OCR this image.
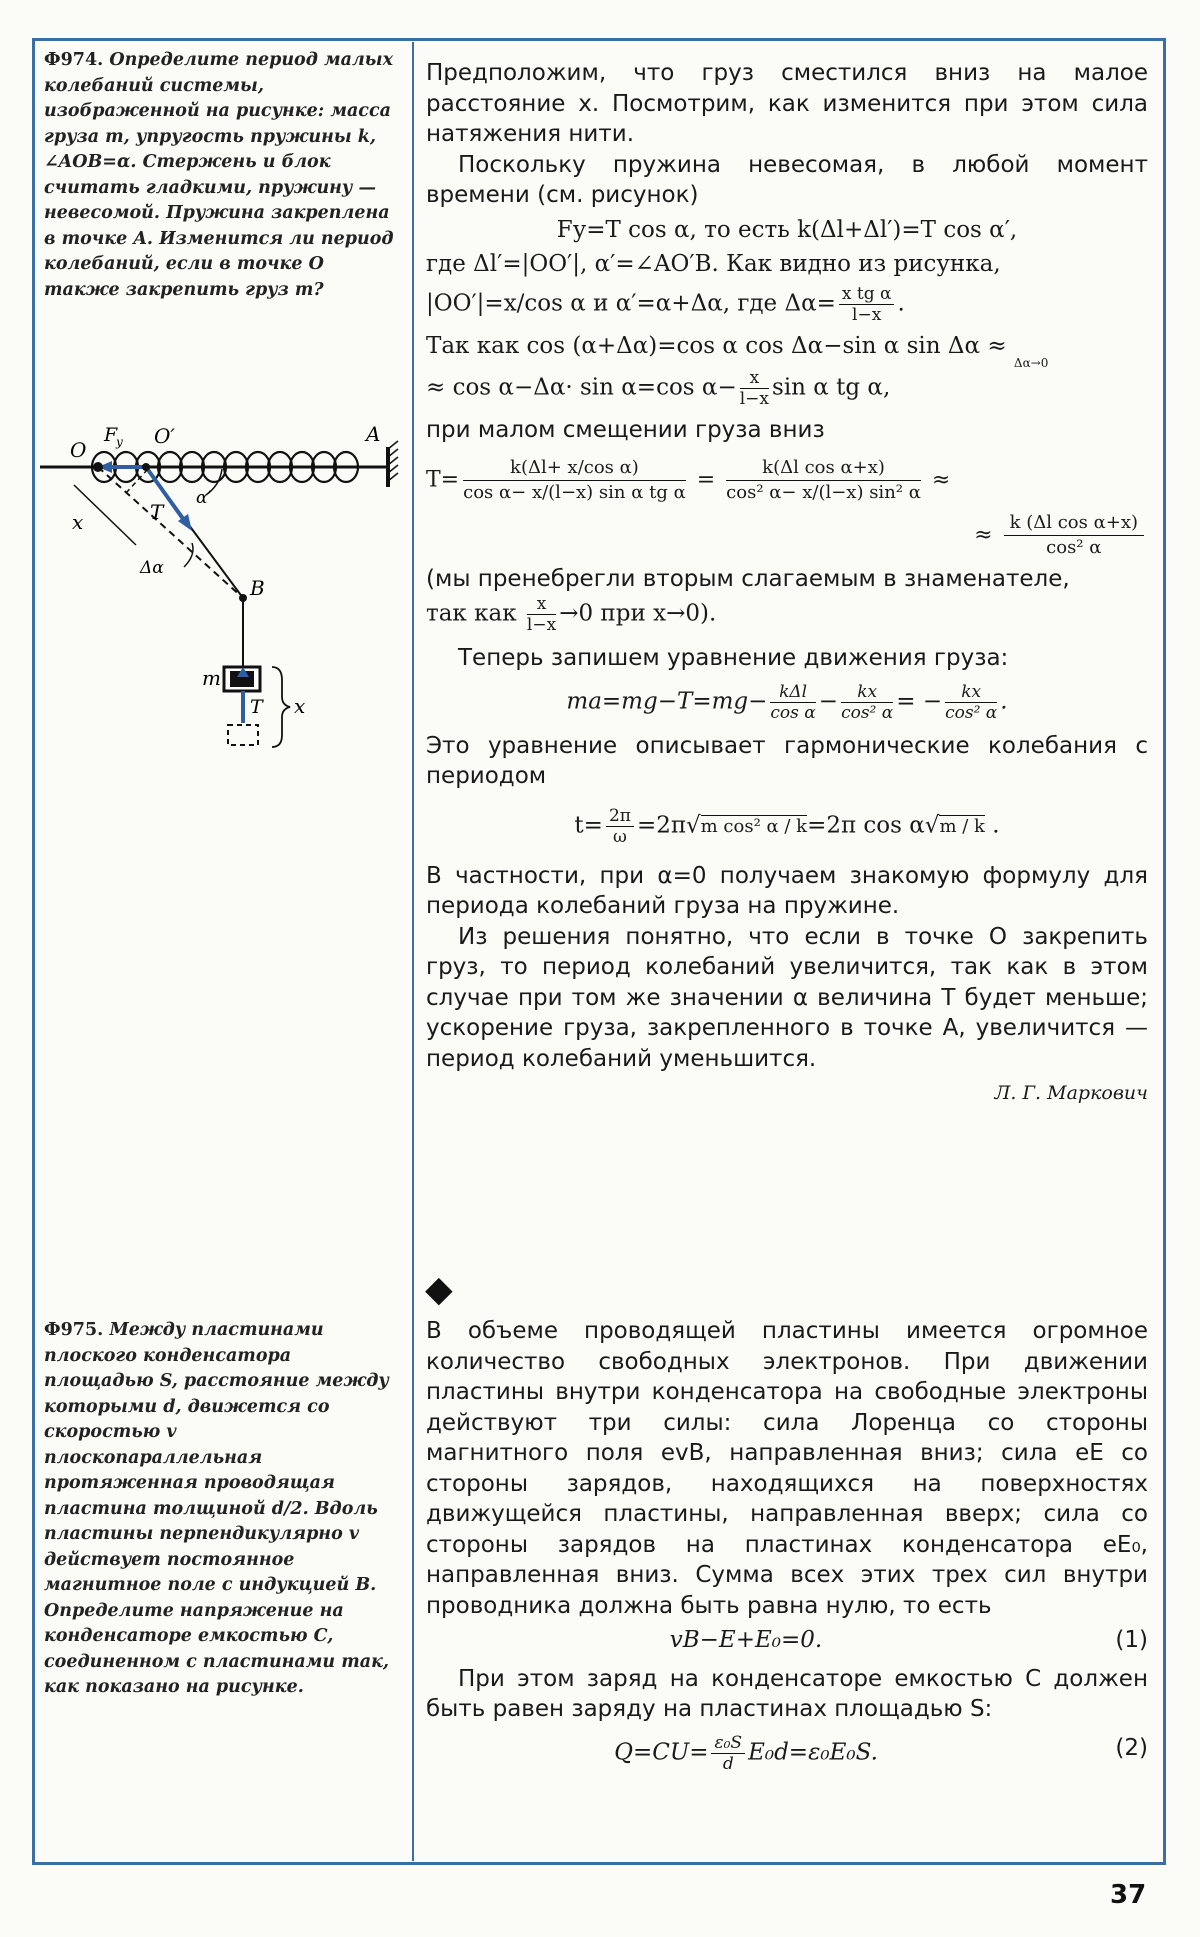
Ф974. Определите период малых колебаний системы, изображенной на рисунке: масса груза m, упругость пружины k, ∠AOB=α. Стержень и блок считать гладкими, пружину — невесомой. Пружина закреплена в точке A. Изменится ли период колебаний, если в точке O также закрепить груз m?
O
F
у O′	A
α′
T
x
Δα
B
m
T x
Ф975. Между пластинами плоского конденсатора площадью S, расстояние между которыми d, движется со скоростью v плоскопараллельная протяженная проводящая пластина толщиной d/2. Вдоль пластины перпендикулярно v действует постоянное магнитное поле с индукцией B. Определите напряжение на конденсаторе емкостью C, соединенном с пластинами так, как показано на рисунке.

Предположим, что груз сместился вниз на малое расстояние x. Посмотрим, как изменится при этом сила натяжения нити.

Поскольку пружина невесомая, в любой момент времени (см. рисунок)

Fу=T cos α, то есть k(Δl+Δl′)=T cos α′,
где Δl′=|OO′|, α′=∠AO′B. Как видно из рисунка,
|OO′|=x/cos α и α′=α+Δα, где $\Delta\alpha= \frac{\text{x tg α}}{l-x}$ .
Так как cos (α+Δα)=cos α cos Δα−sin α sin Δα ≈ $_{\Delta\alpha\to 0}$
≈ cos α−Δα· sin α=cos $\alpha- \frac{x}{l-x}$ sin α tg α,

при малом смещении груза вниз

$T= \frac{\text{k(Δl+ x/cos α)}}{\text{cos α− x/(l−x) sin α tg α}} = \frac{\text{k(Δl cos α+x)}}{\text{cos² α− x/(l−x) sin² α}}$ ≈
≈ $\frac{\text{k (Δl cos α+x)}}{\text{cos² α}}$

(мы пренебрегли вторым слагаемым в знаменателе,

так как $\frac{x}{l-x} \to 0$ при x→0).

Теперь запишем уравнение движения груза:

$ma=mg-T=mg- \frac{\text{kΔl}}{\text{cos α}} - \frac{kx}{\text{cos² α}}$ = − $\frac{kx}{\text{cos² α}}$ .

Это уравнение описывает гармонические колебания с периодом

$t= \frac{2\pi}{\omega} =2\pi√m$ cos² α / k=2π cos α√m / k .

В частности, при α=0 получаем знакомую формулу для периода колебаний груза на пружине.

Из решения понятно, что если в точке O закрепить груз, то период колебаний увеличится, так как в этом случае при том же значении α величина T будет меньше; ускорение груза, закрепленного в точке A, увеличится — период колебаний уменьшится.

Л. Г. Маркович
◆

В объеме проводящей пластины имеется огромное количество свободных электронов. При движении пластины внутри конденсатора на свободные электроны действуют три силы: сила Лоренца со стороны магнитного поля evB, направленная вниз; сила eE со стороны зарядов, находящихся на поверхностях движущейся пластины, направленная вверх; сила со стороны зарядов на пластинах конденсатора eE₀, направленная вниз. Сумма всех этих трех сил внутри проводника должна быть равна нулю, то есть

vB−E+E₀=0.	(1)

При этом заряд на конденсаторе емкостью C должен быть равен заряду на пластинах площадью S:

$Q=CU= \frac{\text{ε₀S}}{d} E_0d=\varepsilon_0E_0S$.	(2)
37
